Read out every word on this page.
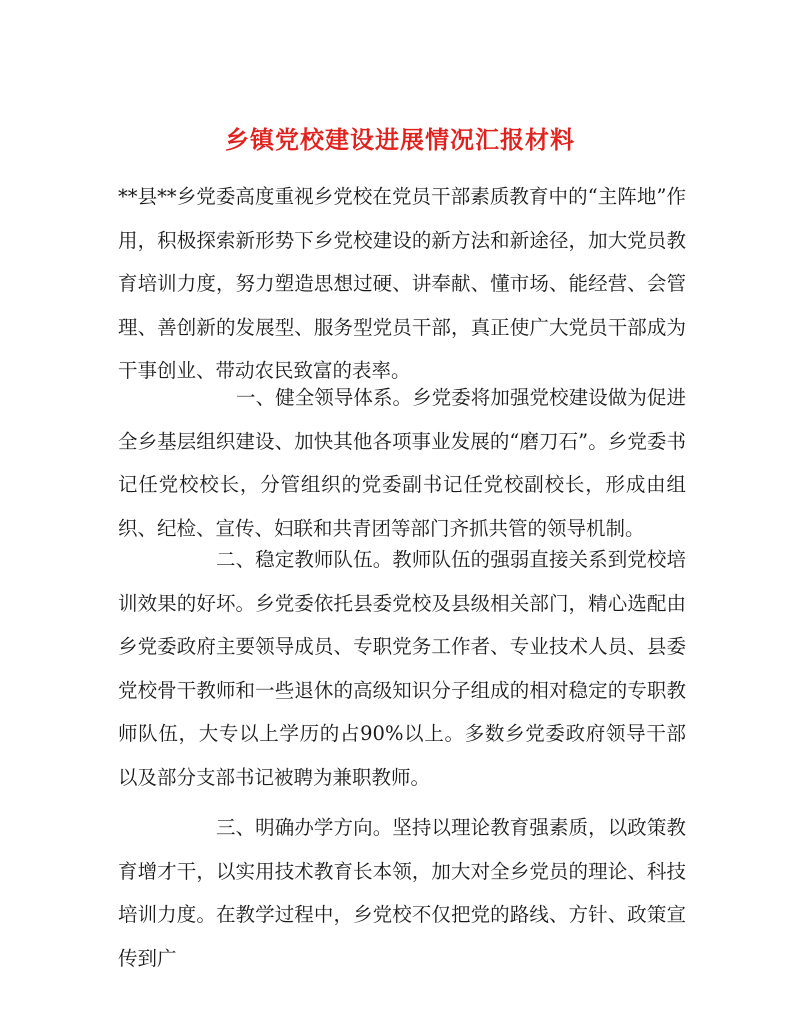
乡镇党校建设进展情况汇报材料

**县**乡党委高度重视乡党校在党员干部素质教育中的“主阵地”作用，积极探索新形势下乡党校建设的新方法和新途径，加大党员教育培训力度，努力塑造思想过硬、讲奉献、懂市场、能经营、会管理、善创新的发展型、服务型党员干部，真正使广大党员干部成为干事创业、带动农民致富的表率。

一、健全领导体系。乡党委将加强党校建设做为促进全乡基层组织建设、加快其他各项事业发展的“磨刀石”。乡党委书记任党校校长，分管组织的党委副书记任党校副校长，形成由组织、纪检、宣传、妇联和共青团等部门齐抓共管的领导机制。

二、稳定教师队伍。教师队伍的强弱直接关系到党校培训效果的好坏。乡党委依托县委党校及县级相关部门，精心选配由乡党委政府主要领导成员、专职党务工作者、专业技术人员、县委党校骨干教师和一些退休的高级知识分子组成的相对稳定的专职教师队伍，大专以上学历的占90%以上。多数乡党委政府领导干部以及部分支部书记被聘为兼职教师。

三、明确办学方向。坚持以理论教育强素质，以政策教育增才干，以实用技术教育长本领，加大对全乡党员的理论、科技培训力度。在教学过程中，乡党校不仅把党的路线、方针、政策宣传到广
